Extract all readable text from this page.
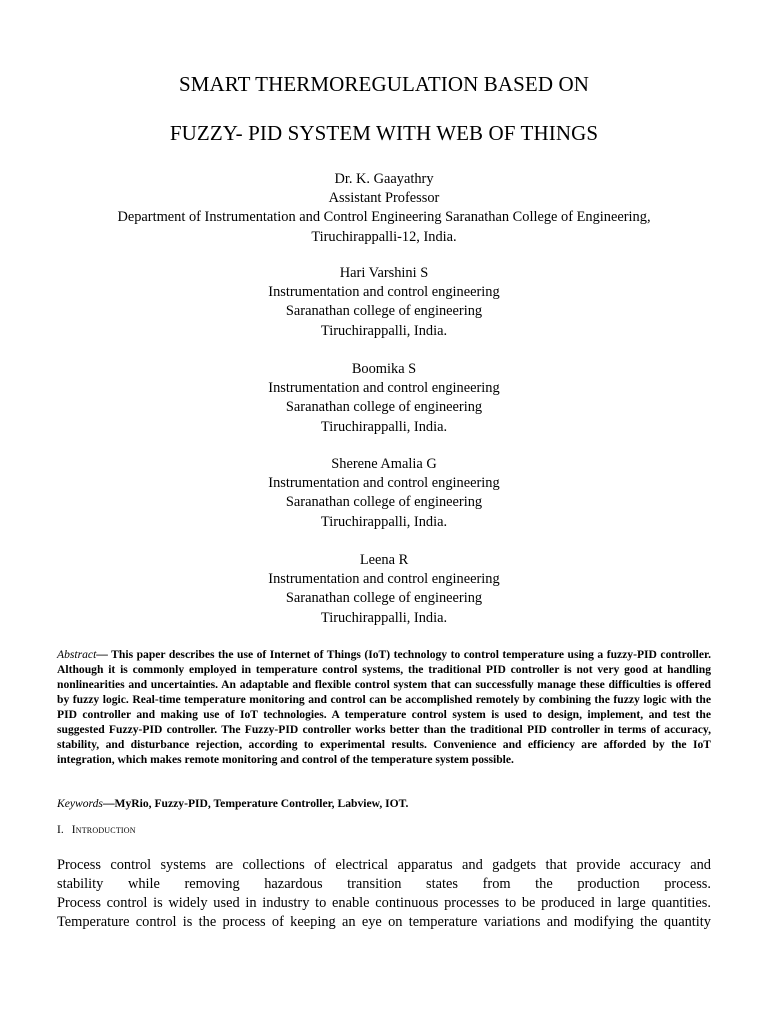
SMART THERMOREGULATION BASED ON
FUZZY- PID SYSTEM WITH WEB OF THINGS
Dr. K. Gaayathry
Assistant Professor
Department of Instrumentation and Control Engineering Saranathan College of Engineering,
Tiruchirappalli-12, India.
Hari Varshini S
Instrumentation and control engineering
Saranathan college of engineering
Tiruchirappalli, India.
Boomika S
Instrumentation and control engineering
Saranathan college of engineering
Tiruchirappalli, India.
Sherene Amalia G
Instrumentation and control engineering
Saranathan college of engineering
Tiruchirappalli, India.
Leena R
Instrumentation and control engineering
Saranathan college of engineering
Tiruchirappalli, India.
Abstract— This paper describes the use of Internet of Things (IoT) technology to control temperature using a fuzzy-PID controller. Although it is commonly employed in temperature control systems, the traditional PID controller is not very good at handling nonlinearities and uncertainties. An adaptable and flexible control system that can successfully manage these difficulties is offered by fuzzy logic. Real-time temperature monitoring and control can be accomplished remotely by combining the fuzzy logic with the PID controller and making use of IoT technologies. A temperature control system is used to design, implement, and test the suggested Fuzzy-PID controller. The Fuzzy-PID controller works better than the traditional PID controller in terms of accuracy, stability, and disturbance rejection, according to experimental results. Convenience and efficiency are afforded by the IoT integration, which makes remote monitoring and control of the temperature system possible.
Keywords—MyRio, Fuzzy-PID, Temperature Controller, Labview, IOT.
I. Introduction
Process control systems are collections of electrical apparatus and gadgets that provide accuracy and
stability while removing hazardous transition states from the production process.
Process control is widely used in industry to enable continuous processes to be produced in large quantities.
Temperature control is the process of keeping an eye on temperature variations and modifying the quantity
